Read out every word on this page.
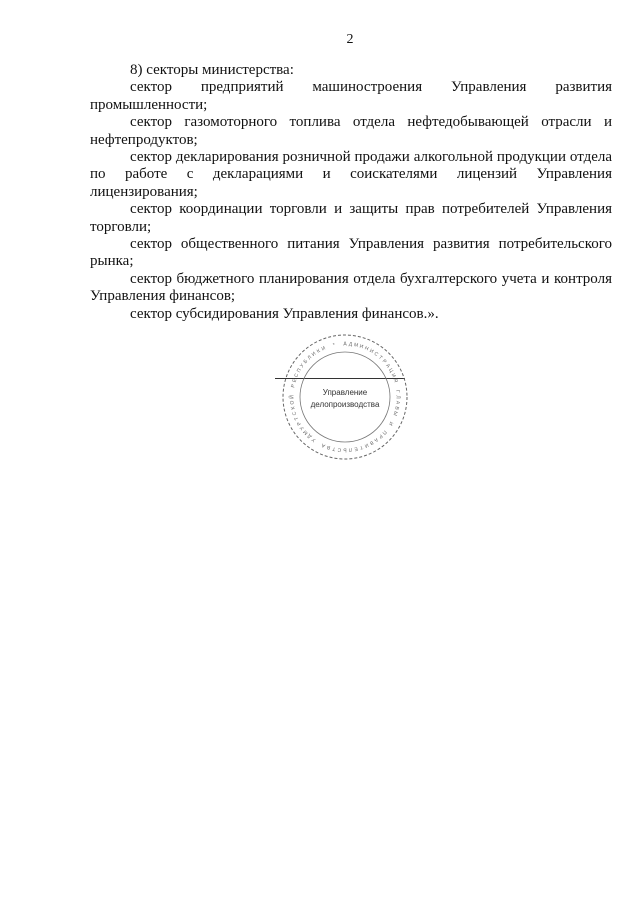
2

8) секторы министерства:

сектор предприятий машиностроения Управления развития промышленности;

сектор газомоторного топлива отдела нефтедобывающей отрасли и нефтепродуктов;

сектор декларирования розничной продажи алкогольной продукции отдела по работе с декларациями и соискателями лицензий Управления лицензирования;

сектор координации торговли и защиты прав потребителей Управления торговли;

сектор общественного питания Управления развития потребительского рынка;

сектор бюджетного планирования отдела бухгалтерского учета и контроля Управления финансов;

сектор субсидирования Управления финансов.».

А Д М И Н
И
С
Т
Р
А
Ц
И
Я
Г
Л
А
В
Ы
И
П
Р
А
В
И
Т
Е
Л
Ь
С
Т
В
А
У
Д
М
У
Р
Т
С
К
О
Й
Р
Е
С
П
У
Б
Л
И
К И *
Управление
делопроизводства
